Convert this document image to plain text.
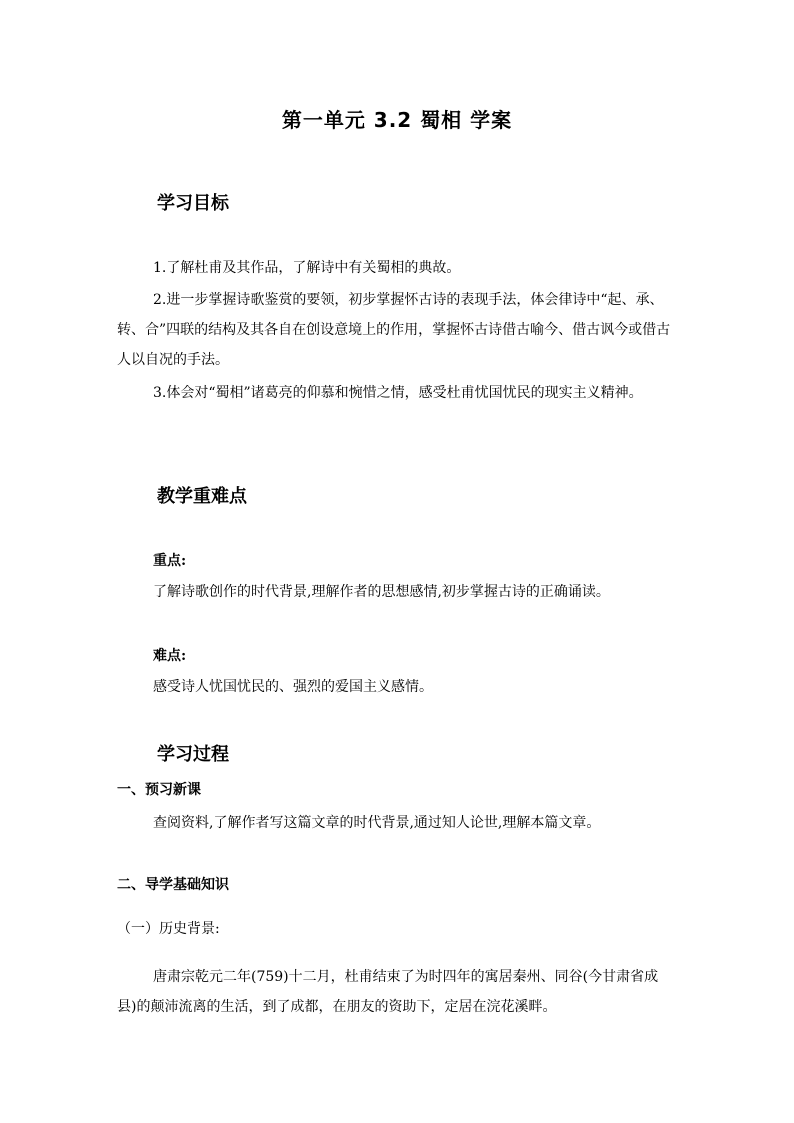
第一单元 3.2 蜀相 学案
学习目标
1.了解杜甫及其作品，了解诗中有关蜀相的典故。
2.进一步掌握诗歌鉴赏的要领，初步掌握怀古诗的表现手法，体会律诗中“起、承、转、合”四联的结构及其各自在创设意境上的作用，掌握怀古诗借古喻今、借古讽今或借古人以自况的手法。
3.体会对“蜀相”诸葛亮的仰慕和惋惜之情，感受杜甫忧国忧民的现实主义精神。
教学重难点
重点:
了解诗歌创作的时代背景,理解作者的思想感情,初步掌握古诗的正确诵读。
难点:
感受诗人忧国忧民的、强烈的爱国主义感情。
学习过程
一、预习新课
查阅资料,了解作者写这篇文章的时代背景,通过知人论世,理解本篇文章。
二、导学基础知识
（一）历史背景:
唐肃宗乾元二年(759)十二月，杜甫结束了为时四年的寓居秦州、同谷(今甘肃省成县)的颠沛流离的生活，到了成都，在朋友的资助下，定居在浣花溪畔。
